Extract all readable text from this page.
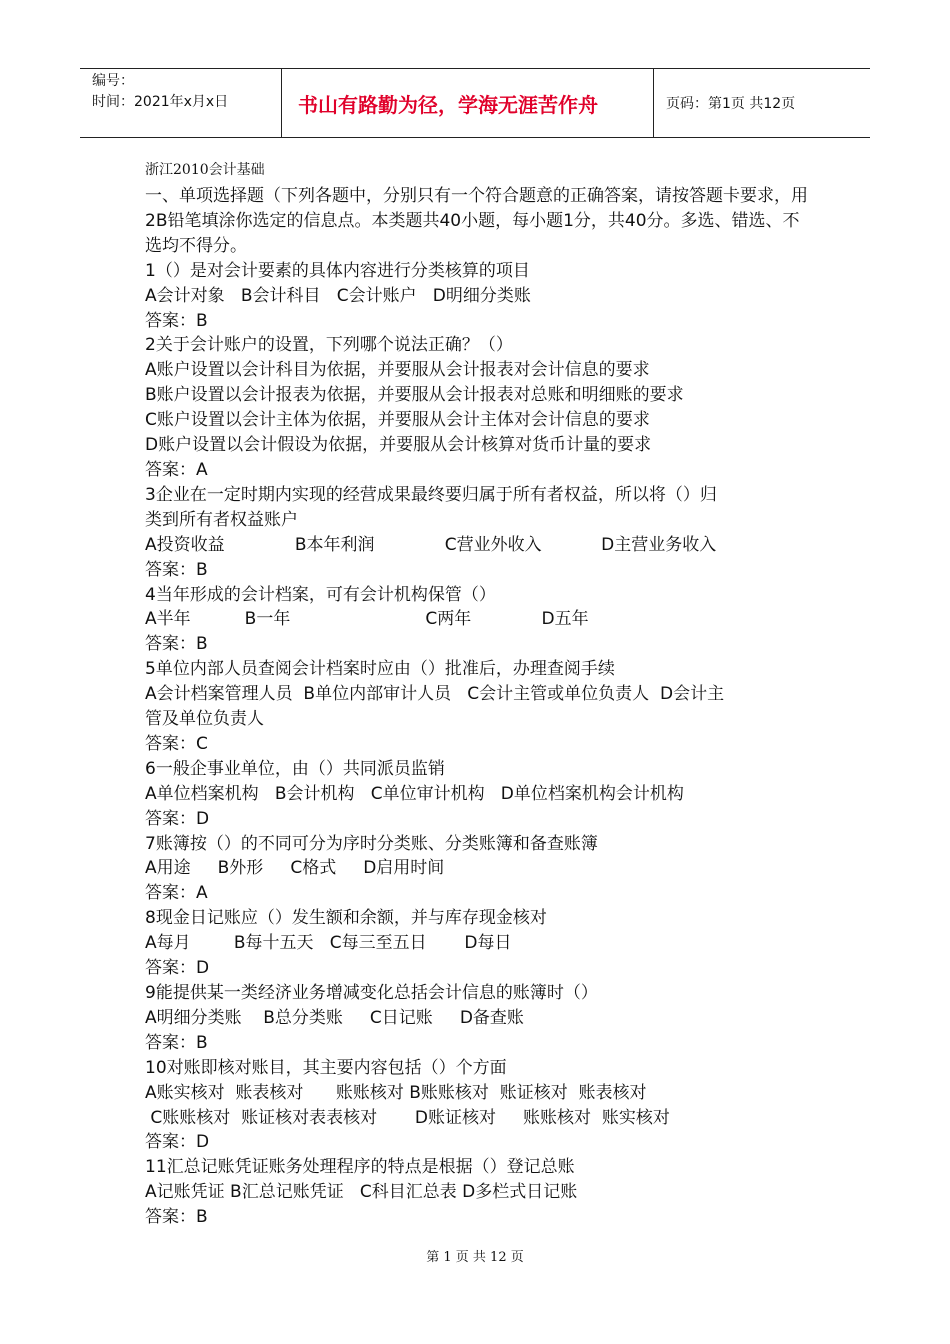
编号：
时间：2021年x月x日	书山有路勤为径，学海无涯苦作舟	页码：第1页 共12页
浙江2010会计基础
一、单项选择题（下列各题中，分别只有一个符合题意的正确答案，请按答题卡要求，用2B铅笔填涂你选定的信息点。本类题共40小题，每小题1分，共40分。多选、错选、不选均不得分。
1（）是对会计要素的具体内容进行分类核算的项目
A会计对象   B会计科目   C会计账户   D明细分类账
答案：B
2关于会计账户的设置，下列哪个说法正确？（）
A账户设置以会计科目为依据，并要服从会计报表对会计信息的要求
B账户设置以会计报表为依据，并要服从会计报表对总账和明细账的要求
C账户设置以会计主体为依据，并要服从会计主体对会计信息的要求
D账户设置以会计假设为依据，并要服从会计核算对货币计量的要求
答案：A
3企业在一定时期内实现的经营成果最终要归属于所有者权益，所以将（）归
类到所有者权益账户
A投资收益             B本年利润             C营业外收入           D主营业务收入
答案：B
4当年形成的会计档案，可有会计机构保管（）
A半年          B一年                         C两年             D五年
答案：B
5单位内部人员查阅会计档案时应由（）批准后，办理查阅手续
A会计档案管理人员  B单位内部审计人员   C会计主管或单位负责人  D会计主
管及单位负责人
答案：C
6一般企事业单位，由（）共同派员监销
A单位档案机构   B会计机构   C单位审计机构   D单位档案机构会计机构
答案：D
7账簿按（）的不同可分为序时分类账、分类账簿和备查账簿
A用途     B外形     C格式     D启用时间
答案：A
8现金日记账应（）发生额和余额，并与库存现金核对
A每月        B每十五天   C每三至五日       D每日
答案：D
9能提供某一类经济业务增减变化总括会计信息的账簿时（）
A明细分类账    B总分类账     C日记账     D备查账
答案：B
10对账即核对账目，其主要内容包括（）个方面
A账实核对  账表核对      账账核对 B账账核对  账证核对  账表核对
C账账核对  账证核对表表核对       D账证核对     账账核对  账实核对
答案：D
11汇总记账凭证账务处理程序的特点是根据（）登记总账
A记账凭证 B汇总记账凭证   C科目汇总表 D多栏式日记账
答案：B
第 1 页 共 12 页
